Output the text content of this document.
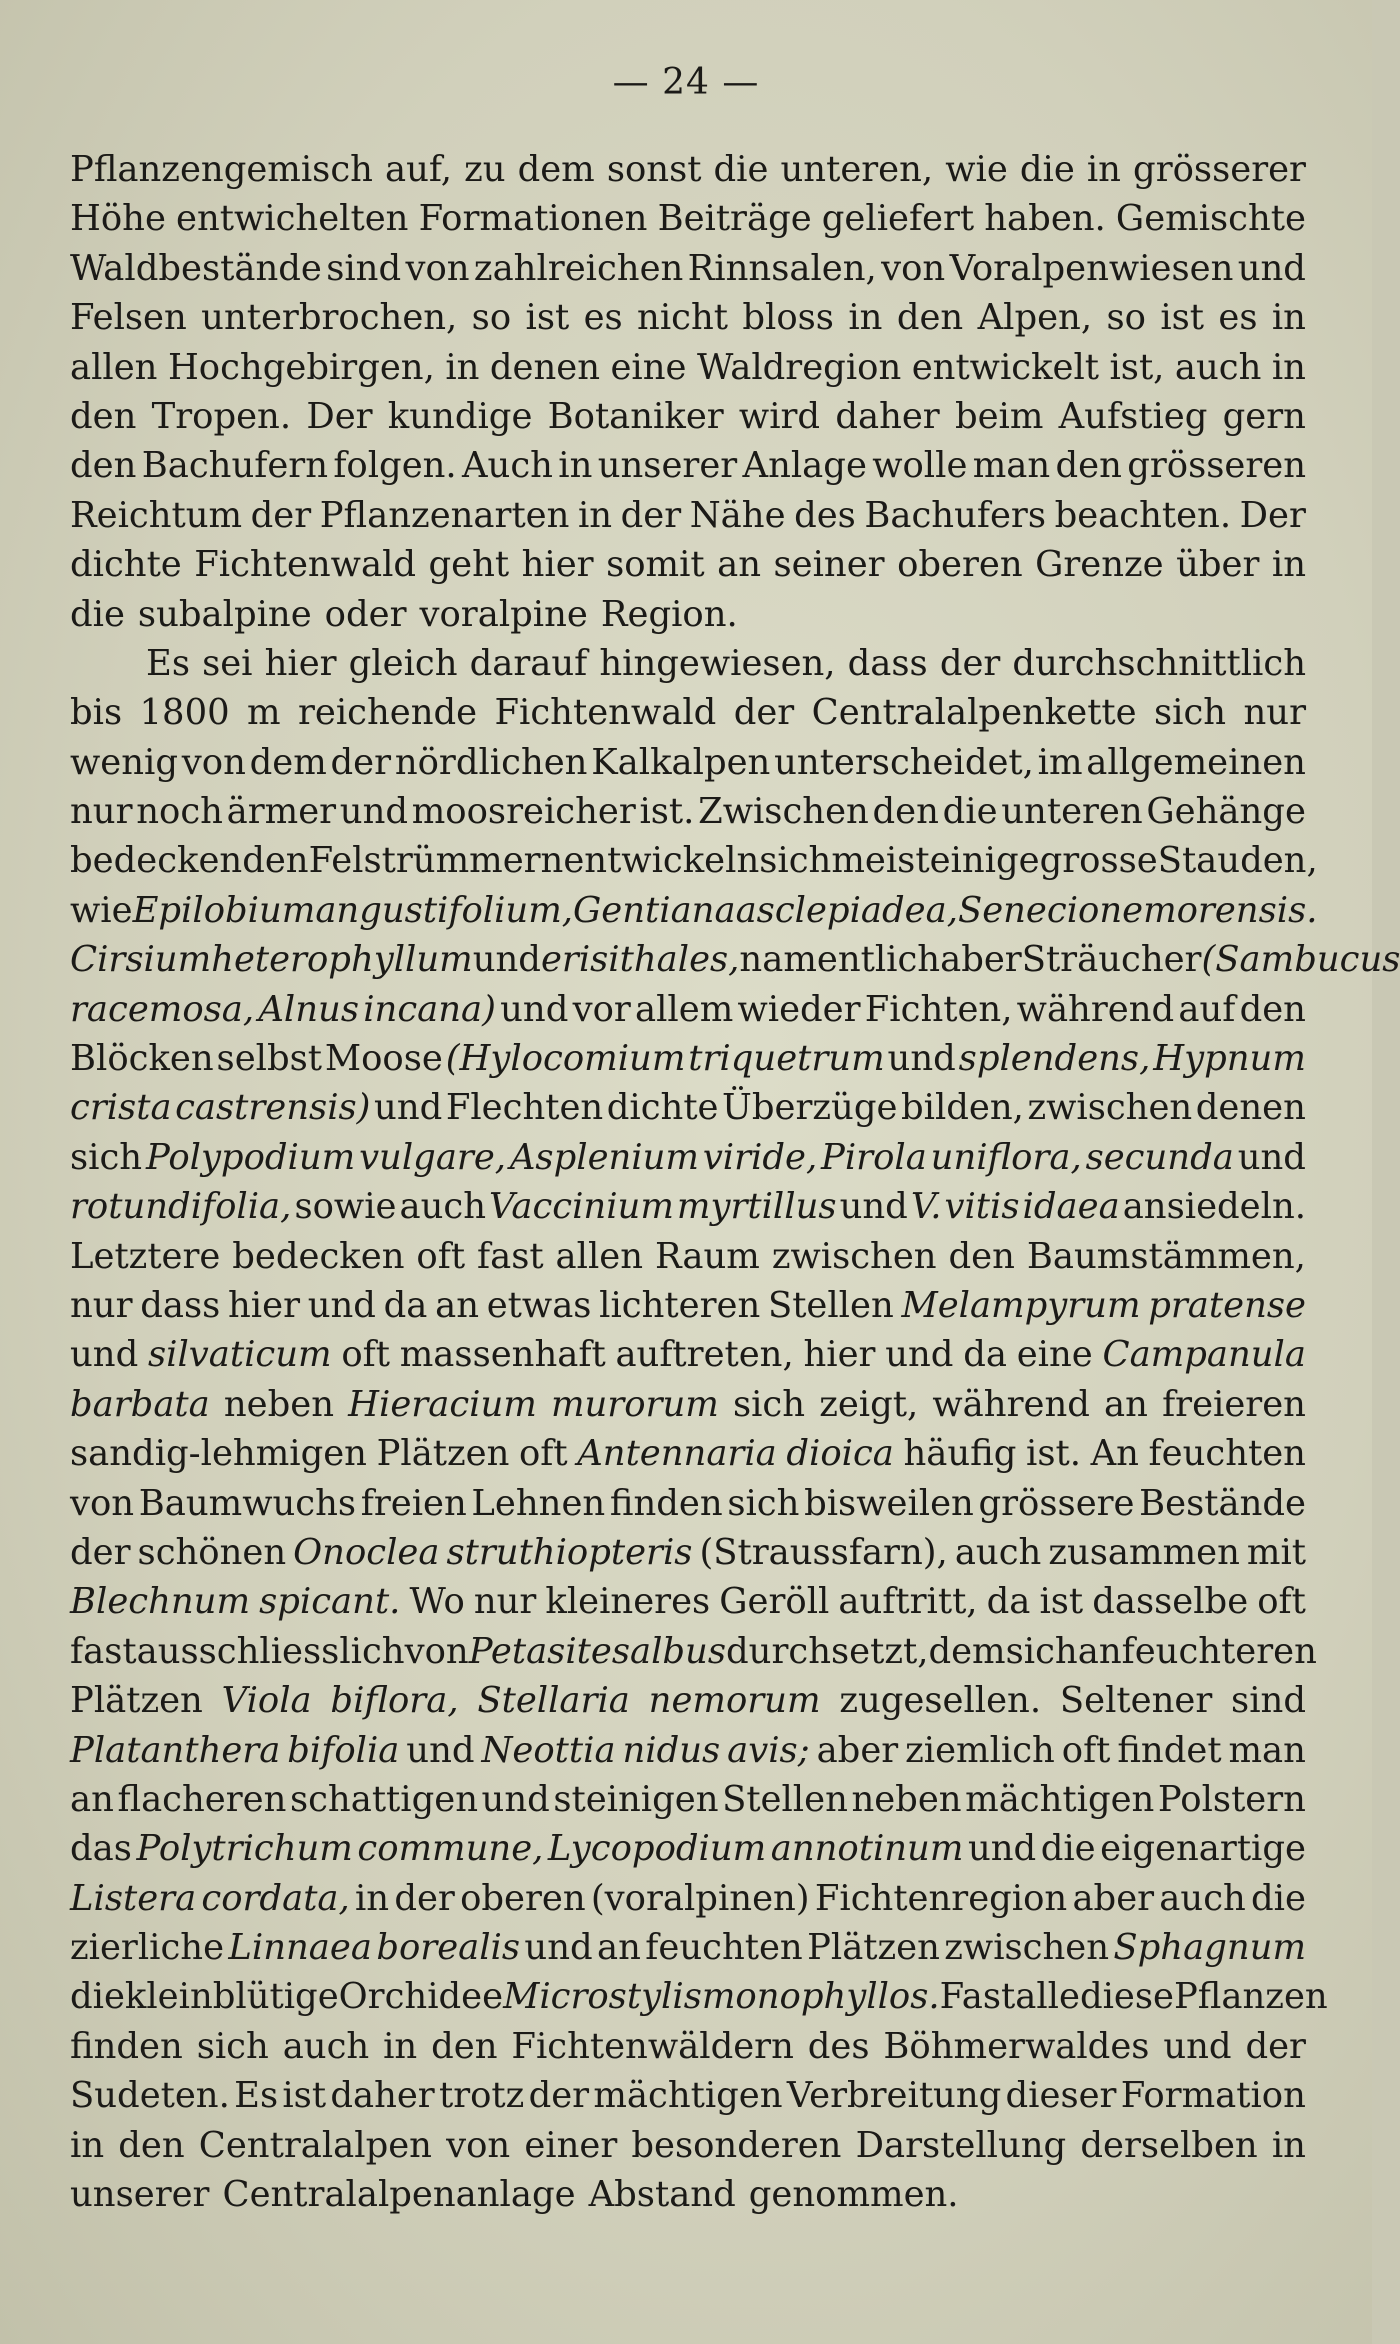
— 24 —
Pflanzengemisch auf, zu dem sonst die unteren, wie die in grösserer
Höhe entwichelten Formationen Beiträge geliefert haben. Gemischte
Waldbestände sind von zahlreichen Rinnsalen, von Voralpenwiesen und
Felsen unterbrochen, so ist es nicht bloss in den Alpen, so ist es in
allen Hochgebirgen, in denen eine Waldregion entwickelt ist, auch in
den Tropen. Der kundige Botaniker wird daher beim Aufstieg gern
den Bachufern folgen. Auch in unserer Anlage wolle man den grösseren
Reichtum der Pflanzenarten in der Nähe des Bachufers beachten. Der
dichte Fichtenwald geht hier somit an seiner oberen Grenze über in
die subalpine oder voralpine Region.
Es sei hier gleich darauf hingewiesen, dass der durchschnittlich
bis 1800 m reichende Fichtenwald der Centralalpenkette sich nur
wenig von dem der nördlichen Kalkalpen unterscheidet, im allgemeinen
nur noch ärmer und moosreicher ist. Zwischen den die unteren Gehänge
bedeckenden Felstrümmern entwickeln sich meist einige grosse Stauden,
wie Epilobium angustifolium, Gentiana asclepiadea, Senecio nemorensis.
Cirsium heterophyllum und erisithales, namentlich aber Sträucher (Sambucus
racemosa, Alnus incana) und vor allem wieder Fichten, während auf den
Blöcken selbst Moose (Hylocomium triquetrum und splendens, Hypnum
crista castrensis) und Flechten dichte Überzüge bilden, zwischen denen
sich Polypodium vulgare, Asplenium viride, Pirola uniflora, secunda und
rotundifolia, sowie auch Vaccinium myrtillus und V. vitis idaea ansiedeln.
Letztere bedecken oft fast allen Raum zwischen den Baumstämmen,
nur dass hier und da an etwas lichteren Stellen Melampyrum pratense
und silvaticum oft massenhaft auftreten, hier und da eine Campanula
barbata neben Hieracium murorum sich zeigt, während an freieren
sandig-lehmigen Plätzen oft Antennaria dioica häufig ist. An feuchten
von Baumwuchs freien Lehnen finden sich bisweilen grössere Bestände
der schönen Onoclea struthiopteris (Straussfarn), auch zusammen mit
Blechnum spicant. Wo nur kleineres Geröll auftritt, da ist dasselbe oft
fast ausschliesslich von Petasites albus durchsetzt, dem sich an feuchteren
Plätzen Viola biflora, Stellaria nemorum zugesellen. Seltener sind
Platanthera bifolia und Neottia nidus avis; aber ziemlich oft findet man
an flacheren schattigen und steinigen Stellen neben mächtigen Polstern
das Polytrichum commune, Lycopodium annotinum und die eigenartige
Listera cordata, in der oberen (voralpinen) Fichtenregion aber auch die
zierliche Linnaea borealis und an feuchten Plätzen zwischen Sphagnum
die kleinblütige Orchidee Microstylis monophyllos. Fast alle diese Pflanzen
finden sich auch in den Fichtenwäldern des Böhmerwaldes und der
Sudeten. Es ist daher trotz der mächtigen Verbreitung dieser Formation
in den Centralalpen von einer besonderen Darstellung derselben in
unserer Centralalpenanlage Abstand genommen.
